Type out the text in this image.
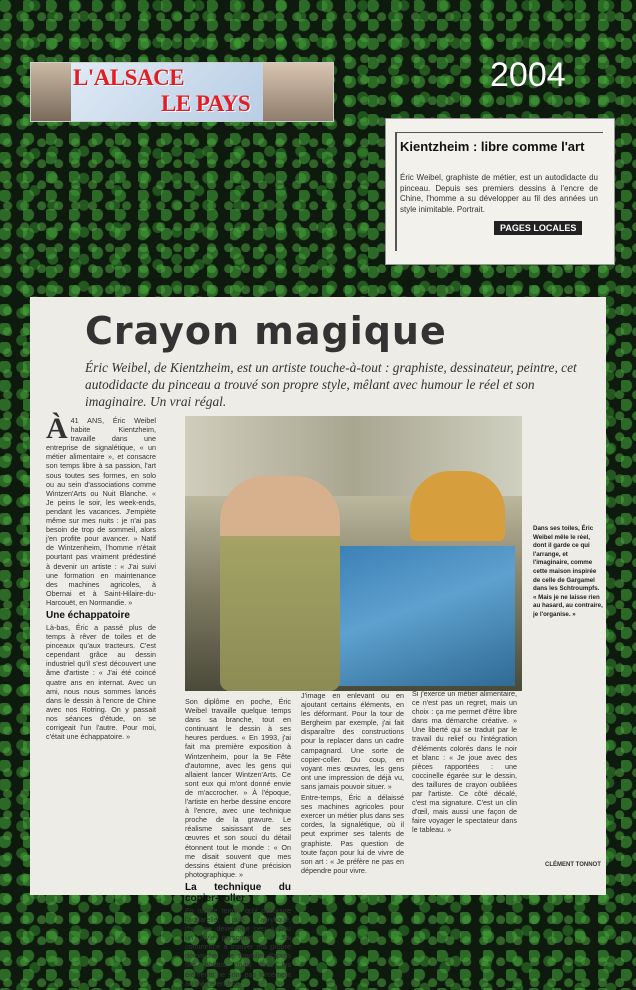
L'ALSACE
LE PAYS
2004
Kientzheim : libre comme l'art
Éric Weibel, graphiste de métier, est un autodidacte du pinceau. Depuis ses premiers dessins à l'encre de Chine, l'homme a su développer au fil des années un style inimitable. Portrait.
PAGES LOCALES
Crayon magique
Éric Weibel, de Kientzheim, est un artiste touche-à-tout : graphiste, dessinateur, peintre, cet autodidacte du pinceau a trouvé son propre style, mêlant avec humour le réel et son imaginaire. Un vrai régal.

À 41 ANS, Éric Weibel habite Kientzheim, travaille dans une entreprise de signalétique, « un métier alimentaire », et consacre son temps libre à sa passion, l'art sous toutes ses formes, en solo ou au sein d'associations comme Wintzen'Arts ou Nuit Blanche. « Je peins le soir, les week-ends, pendant les vacances. J'empiète même sur mes nuits : je n'ai pas besoin de trop de sommeil, alors j'en profite pour avancer. » Natif de Wintzenheim, l'homme n'était pourtant pas vraiment prédestiné à devenir un artiste : « J'ai suivi une formation en maintenance des machines agricoles, à Obernai et à Saint-Hilaire-du-Harcouët, en Normandie. »

Une échappatoire

Là-bas, Éric a passé plus de temps à rêver de toiles et de pinceaux qu'aux tracteurs. C'est cependant grâce au dessin industriel qu'il s'est découvert une âme d'artiste : « J'ai été coincé quatre ans en internat. Avec un ami, nous nous sommes lancés dans le dessin à l'encre de Chine avec nos Rotring. On y passait nos séances d'étude, on se corrigeait l'un l'autre. Pour moi, c'était une échappatoire. »

Dans ses toiles, Éric Weibel mêle le réel, dont il garde ce qui l'arrange, et l'imaginaire, comme cette maison inspirée de celle de Gargamel dans les Schtroumpfs. « Mais je ne laisse rien au hasard, au contraire, je l'organise. »

Son diplôme en poche, Éric Weibel travaille quelque temps dans sa branche, tout en continuant le dessin à ses heures perdues. « En 1993, j'ai fait ma première exposition à Wintzenheim, pour la 9e Fête d'automne, avec les gens qui allaient lancer Wintzen'Arts. Ce sont eux qui m'ont donné envie de m'accrocher. » À l'époque, l'artiste en herbe dessine encore à l'encre, avec une technique proche de la gravure. Le réalisme saisissant de ses œuvres et son souci du détail étonnent tout le monde : « On me disait souvent que mes dessins étaient d'une précision photographique. »

La technique du copier-coller

En même temps qu'il découvre l'aquarelle, puis l'acrylique, l'homme développe peu à peu un style personnel : « J'ai commencé à trouver ma propre démarche : je travaille d'après des photos, mais tous les éléments ne sont pas forcément au même endroit.

J'image en enlevant ou en ajoutant certains éléments, en les déformant. Pour la tour de Bergheim par exemple, j'ai fait disparaître des constructions pour la replacer dans un cadre campagnard. Une sorte de copier-coller. Du coup, en voyant mes œuvres, les gens ont une impression de déjà vu, sans jamais pouvoir situer. »

Entre-temps, Éric a délaissé ses machines agricoles pour exercer un métier plus dans ses cordes, la signalétique, où il peut exprimer ses talents de graphiste. Pas question de toute façon pour lui de vivre de son art : « Je préfère ne pas en dépendre pour vivre.

Si j'exerce un métier alimentaire, ce n'est pas un regret, mais un choix : ça me permet d'être libre dans ma démarche créative. » Une liberté qui se traduit par le travail du relief ou l'intégration d'éléments colorés dans le noir et blanc : « Je joue avec des pièces rapportées : une coccinelle égarée sur le dessin, des taillures de crayon oubliées par l'artiste. Ce côté décalé, c'est ma signature. C'est un clin d'œil, mais aussi une façon de faire voyager le spectateur dans le tableau. »

CLÉMENT TONNOT
